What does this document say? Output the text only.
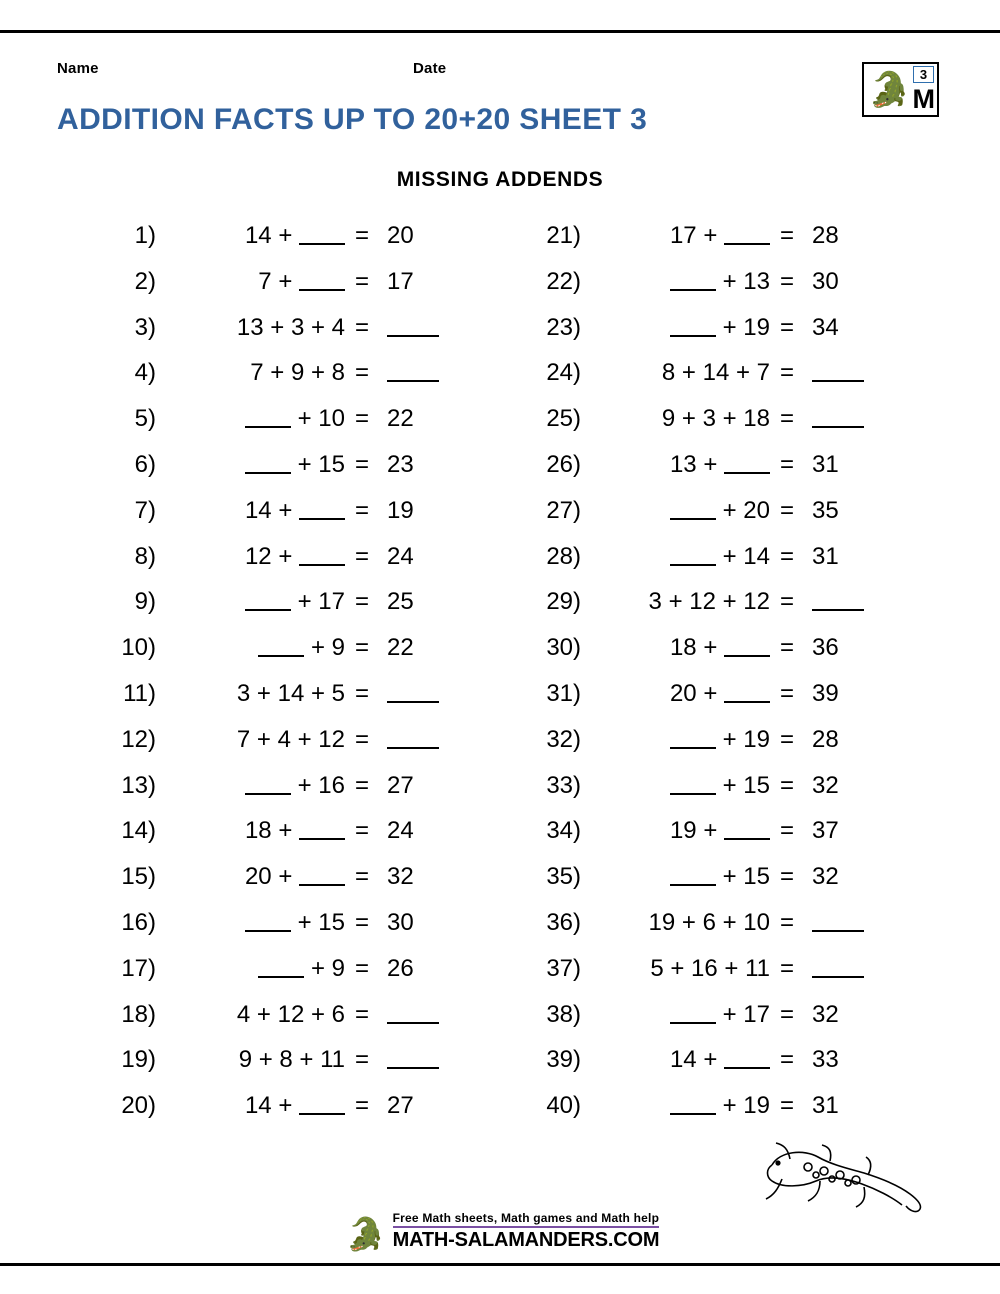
Name	Date
🐊 3
M
ADDITION FACTS UP TO 20+20 SHEET 3
MISSING ADDENDS
1)	14 +	= 20
2)	7 +	= 17
3)	13 + 3 + 4 =
4)	7 + 9 + 8 =
5)	+ 10 = 22
6)	+ 15 = 23
7)	14 +	= 19
8)	12 +	= 24
9)	+ 17 = 25
10)	+ 9 = 22
11)	3 + 14 + 5 =
12)	7 + 4 + 12 =
13)	+ 16 = 27
14)	18 +	= 24
15)	20 +	= 32
16)	+ 15 = 30
17)	+ 9 = 26
18)	4 + 12 + 6 =
19)	9 + 8 + 11 =
20)	14 +	= 27
21)	17 +	= 28
22)	+ 13 = 30
23)	+ 19 = 34
24)	8 + 14 + 7 =
25)	9 + 3 + 18 =
26)	13 +	= 31
27)	+ 20 = 35
28)	+ 14 = 31
29)	3 + 12 + 12 =
30)	18 +	= 36
31)	20 +	= 39
32)	+ 19 = 28
33)	+ 15 = 32
34)	19 +	= 37
35)	+ 15 = 32
36)	19 + 6 + 10 =
37)	5 + 16 + 11 =
38)	+ 17 = 32
39)	14 +	= 33
40)	+ 19 = 31
🐊 Free Math sheets, Math games and Math help
MATH-SALAMANDERS.COM
